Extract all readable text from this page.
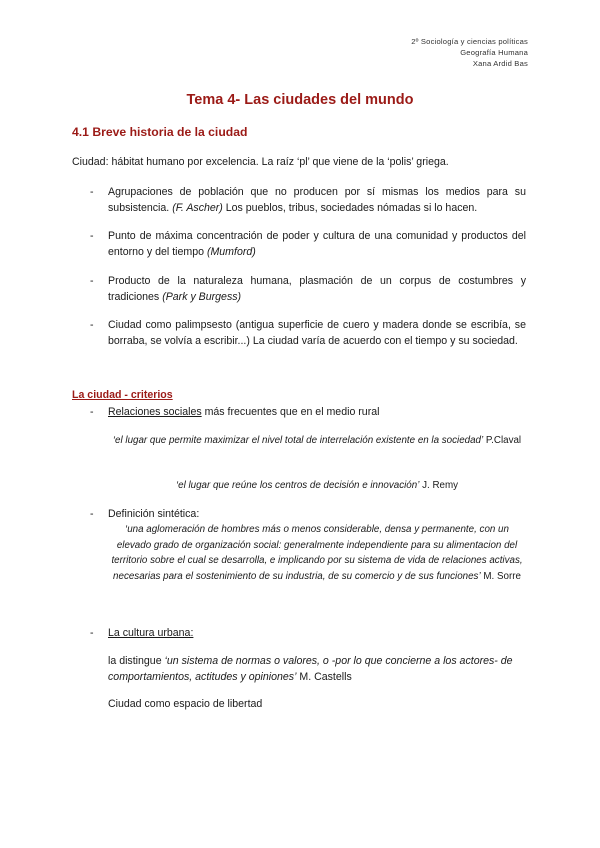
2º Sociología y ciencias políticas
Geografía Humana
Xana Ardid Bas
Tema 4- Las ciudades del mundo
4.1 Breve historia de la ciudad
Ciudad: hábitat humano por excelencia. La raíz ‘pl’ que viene de la ‘polis’ griega.
- Agrupaciones de población que no producen por sí mismas los medios para su subsistencia. (F. Ascher) Los pueblos, tribus, sociedades nómadas si lo hacen.
- Punto de máxima concentración de poder y cultura de una comunidad y productos del entorno y del tiempo (Mumford)
- Producto de la naturaleza humana, plasmación de un corpus de costumbres y tradiciones (Park y Burgess)
- Ciudad como palimpsesto (antigua superficie de cuero y madera donde se escribía, se borraba, se volvía a escribir...) La ciudad varía de acuerdo con el tiempo y su sociedad.
La ciudad - criterios
- Relaciones sociales más frecuentes que en el medio rural
‘el lugar que permite maximizar el nivel total de interrelación existente en la sociedad’ P.Claval
‘el lugar que reúne los centros de decisión e innovación’ J. Remy
- Definición sintética:
‘una aglomeración de hombres más o menos considerable, densa y permanente, con un elevado grado de organización social: generalmente independiente para su alimentacion del territorio sobre el cual se desarrolla, e implicando por su sistema de vida de relaciones activas, necesarias para el sostenimiento de su industria, de su comercio y de sus funciones’ M. Sorre
- La cultura urbana:
la distingue ‘un sistema de normas o valores, o -por lo que concierne a los actores- de comportamientos, actitudes y opiniones’ M. Castells
Ciudad como espacio de libertad
